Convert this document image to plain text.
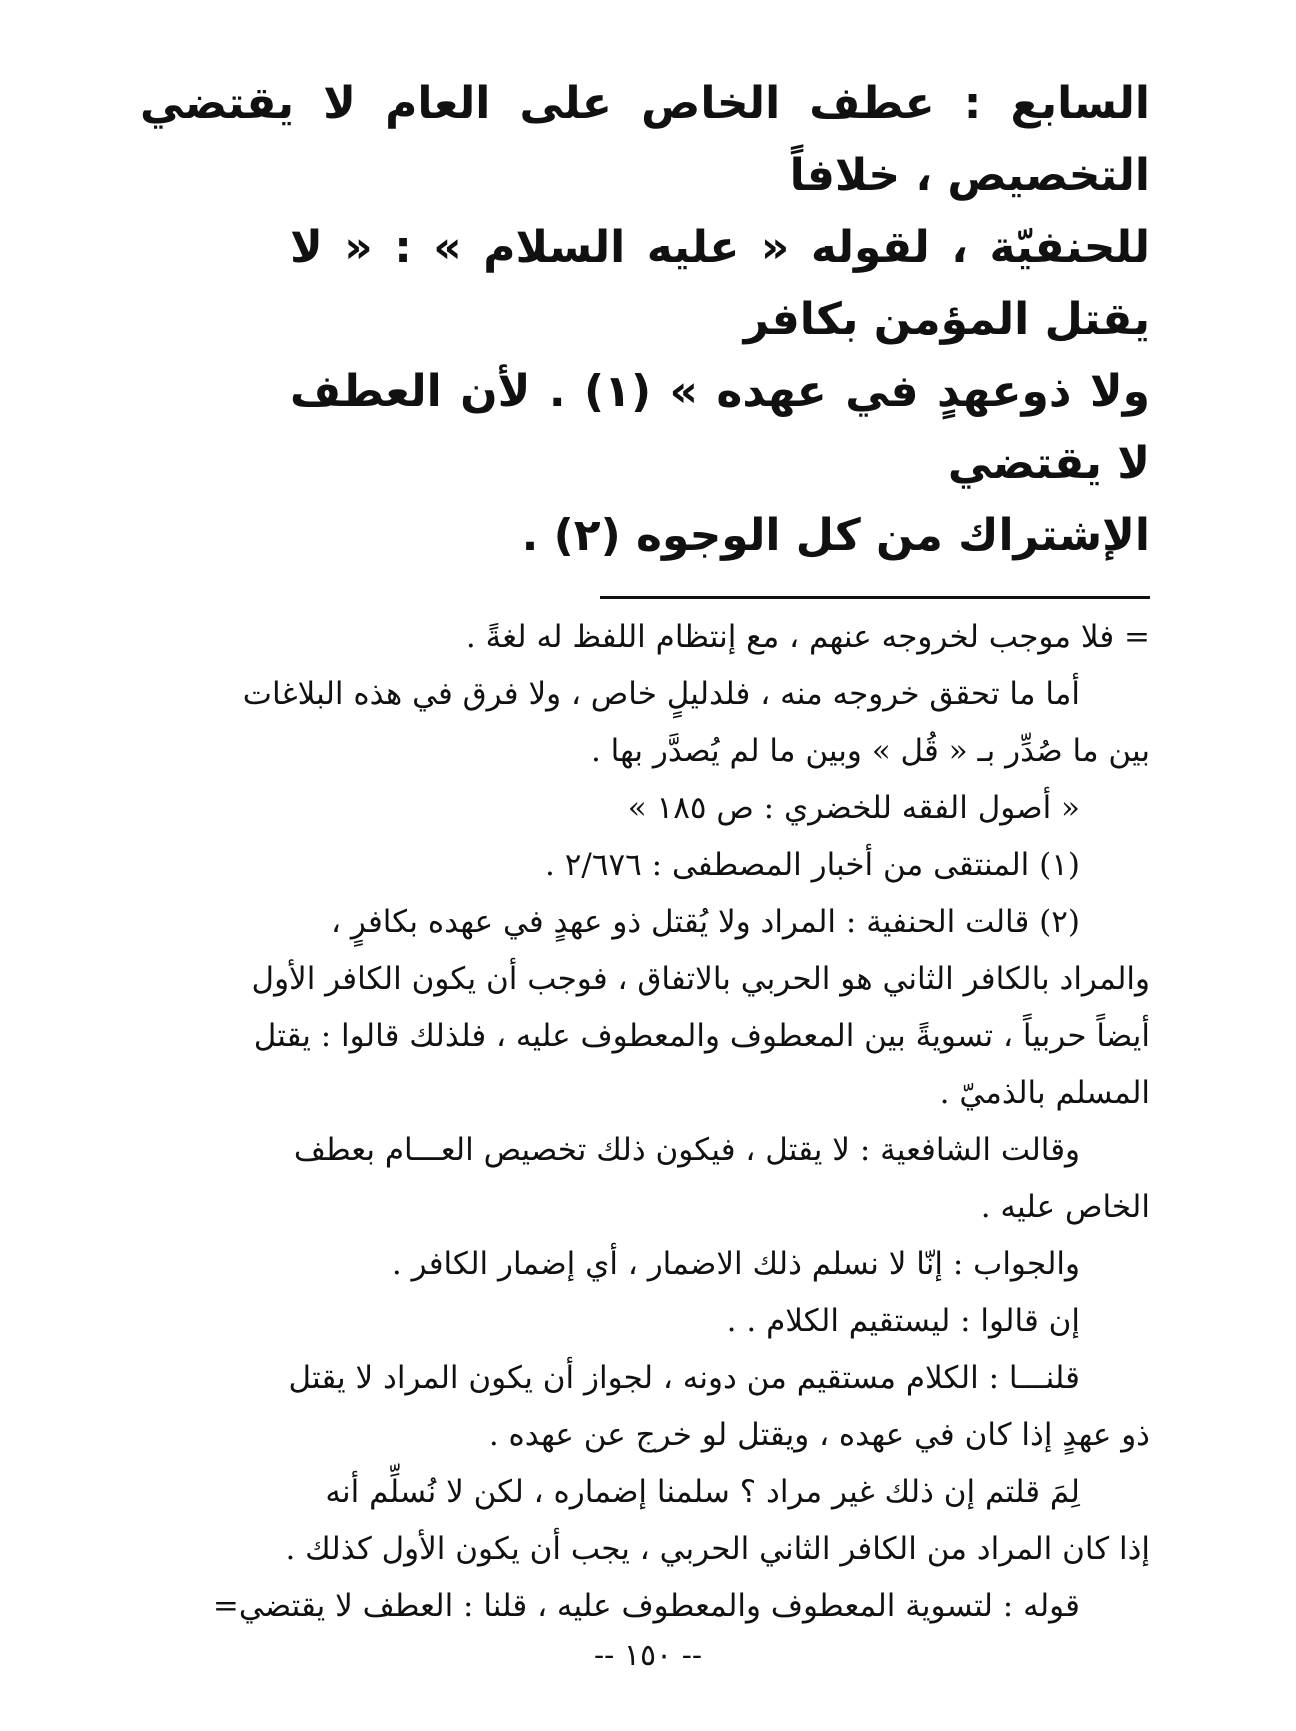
السابع : عطف الخاص على العام لا يقتضي التخصيص ، خلافاً

للحنفيّة ، لقوله « عليه السلام » : « لا يقتل المؤمن بكافر

ولا ذوعهدٍ في عهده » (١) . لأن العطف لا يقتضي

الإشتراك من كل الوجوه (٢) .

= فلا موجب لخروجه عنهم ، مع إنتظام اللفظ له لغةً .

أما ما تحقق خروجه منه ، فلدليلٍ خاص ، ولا فرق في هذه البلاغات

بين ما صُدِّر بـ « قُل » وبين ما لم يُصدَّر بها .

« أصول الفقه للخضري : ص ١٨٥ »

(١) المنتقى من أخبار المصطفى : ٢/٦٧٦ .

(٢) قالت الحنفية : المراد ولا يُقتل ذو عهدٍ في عهده بكافرٍ ،

والمراد بالكافر الثاني هو الحربي بالاتفاق ، فوجب أن يكون الكافر الأول

أيضاً حربياً ، تسويةً بين المعطوف والمعطوف عليه ، فلذلك قالوا : يقتل

المسلم بالذميّ .

وقالت الشافعية : لا يقتل ، فيكون ذلك تخصيص العـــام بعطف

الخاص عليه .

والجواب : إنّا لا نسلم ذلك الاضمار ، أي إضمار الكافر .

إن قالوا : ليستقيم الكلام . .

قلنـــا : الكلام مستقيم من دونه ، لجواز أن يكون المراد لا يقتل

ذو عهدٍ إذا كان في عهده ، ويقتل لو خرج عن عهده .

لِمَ قلتم إن ذلك غير مراد ؟ سلمنا إضماره ، لكن لا نُسلِّم أنه

إذا كان المراد من الكافر الثاني الحربي ، يجب أن يكون الأول كذلك .

قوله : لتسوية المعطوف والمعطوف عليه ، قلنا : العطف لا يقتضي=

-- ١٥٠ --
